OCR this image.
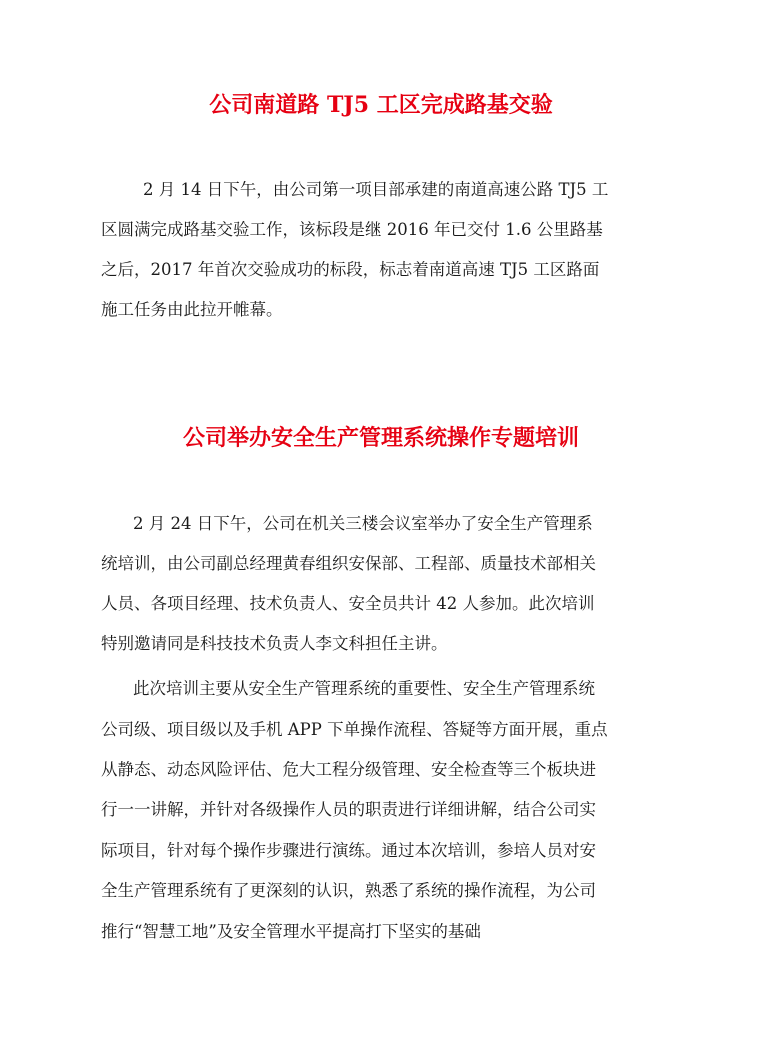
公司南道路 TJ5 工区完成路基交验
2 月 14 日下午，由公司第一项目部承建的南道高速公路 TJ5 工
区圆满完成路基交验工作，该标段是继 2016 年已交付 1.6 公里路基
之后，2017 年首次交验成功的标段，标志着南道高速 TJ5 工区路面
施工任务由此拉开帷幕。
公司举办安全生产管理系统操作专题培训
2 月 24 日下午，公司在机关三楼会议室举办了安全生产管理系
统培训，由公司副总经理黄春组织安保部、工程部、质量技术部相关
人员、各项目经理、技术负责人、安全员共计 42 人参加。此次培训
特别邀请同是科技技术负责人李文科担任主讲。
此次培训主要从安全生产管理系统的重要性、安全生产管理系统
公司级、项目级以及手机 APP 下单操作流程、答疑等方面开展，重点
从静态、动态风险评估、危大工程分级管理、安全检查等三个板块进
行一一讲解，并针对各级操作人员的职责进行详细讲解，结合公司实
际项目，针对每个操作步骤进行演练。通过本次培训，参培人员对安
全生产管理系统有了更深刻的认识，熟悉了系统的操作流程，为公司
推行“智慧工地”及安全管理水平提高打下坚实的基础
